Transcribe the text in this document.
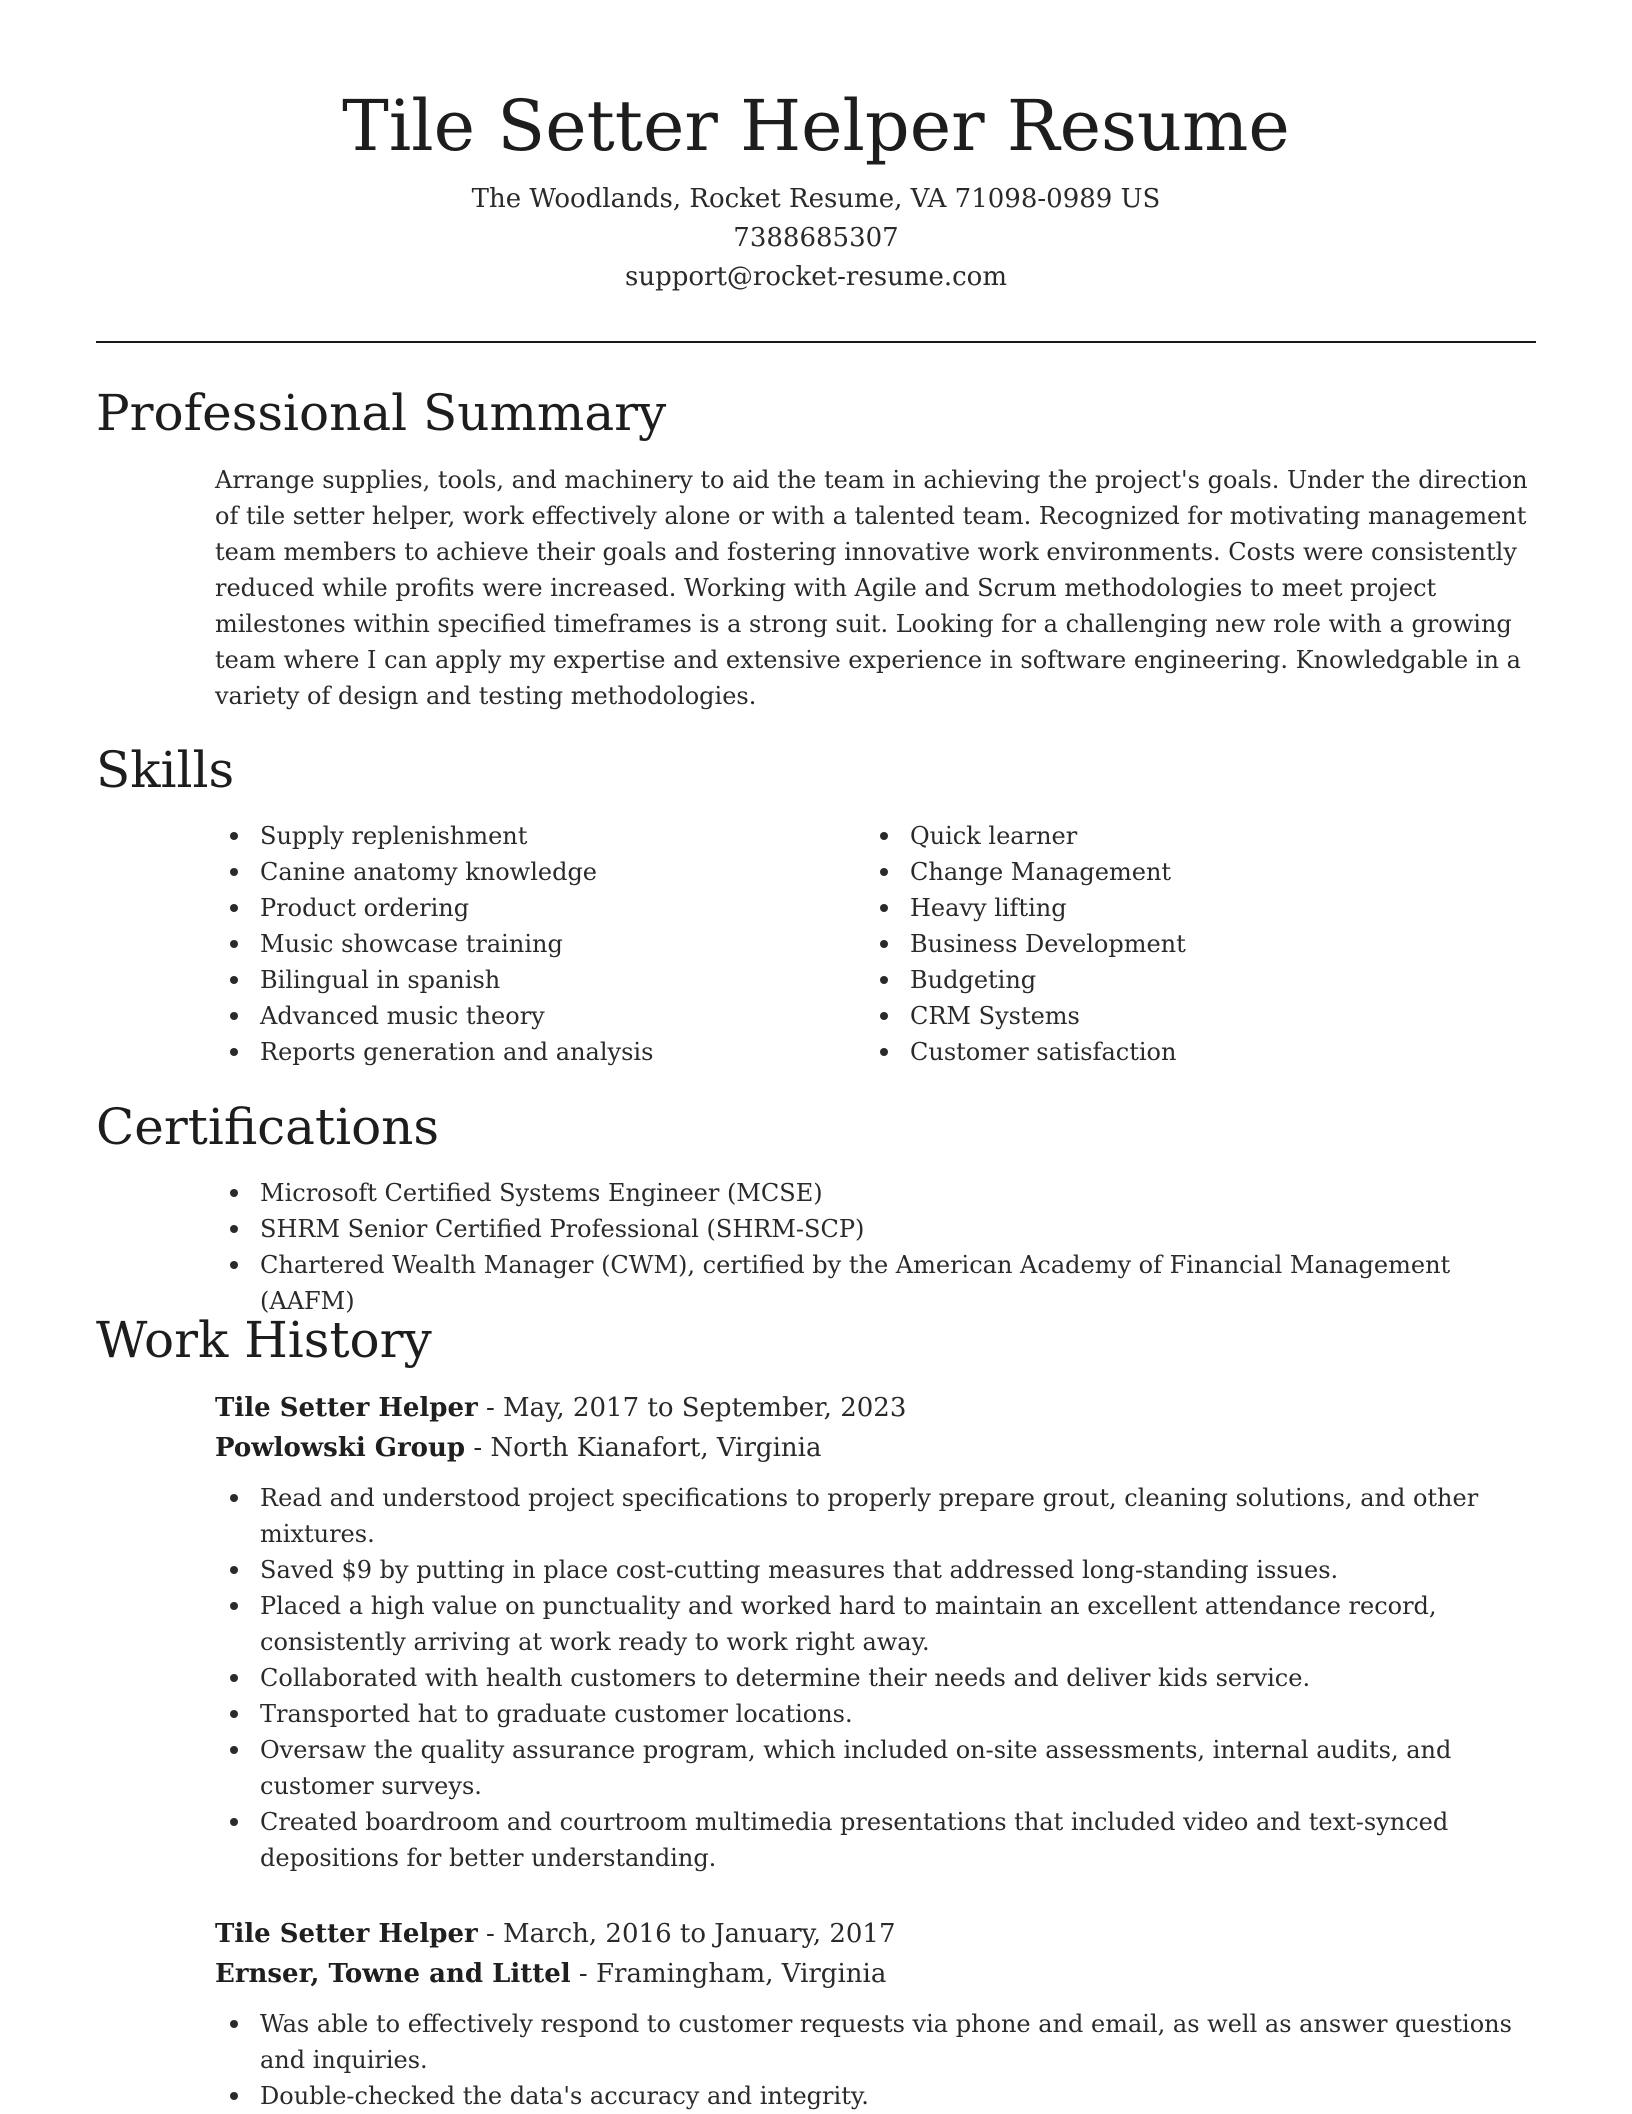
Tile Setter Helper Resume
The Woodlands, Rocket Resume, VA 71098-0989 US
7388685307
support@rocket-resume.com
Professional Summary

Arrange supplies, tools, and machinery to aid the team in achieving the project's goals. Under the direction of tile setter helper, work effectively alone or with a talented team. Recognized for motivating management team members to achieve their goals and fostering innovative work environments. Costs were consistently reduced while profits were increased. Working with Agile and Scrum methodologies to meet project milestones within specified timeframes is a strong suit. Looking for a challenging new role with a growing team where I can apply my expertise and extensive experience in software engineering. Knowledgable in a variety of design and testing methodologies.

Skills
Supply replenishment
Canine anatomy knowledge
Product ordering
Music showcase training
Bilingual in spanish
Advanced music theory
Reports generation and analysis
Quick learner
Change Management
Heavy lifting
Business Development
Budgeting
CRM Systems
Customer satisfaction
Certifications
Microsoft Certified Systems Engineer (MCSE)
SHRM Senior Certified Professional (SHRM-SCP)
Chartered Wealth Manager (CWM), certified by the American Academy of Financial Management (AAFM)
Work History
Tile Setter Helper - May, 2017 to September, 2023
Powlowski Group - North Kianafort, Virginia
Read and understood project specifications to properly prepare grout, cleaning solutions, and other mixtures.
Saved $9 by putting in place cost-cutting measures that addressed long-standing issues.
Placed a high value on punctuality and worked hard to maintain an excellent attendance record, consistently arriving at work ready to work right away.
Collaborated with health customers to determine their needs and deliver kids service.
Transported hat to graduate customer locations.
Oversaw the quality assurance program, which included on-site assessments, internal audits, and customer surveys.
Created boardroom and courtroom multimedia presentations that included video and text-synced depositions for better understanding.
Tile Setter Helper - March, 2016 to January, 2017
Ernser, Towne and Littel - Framingham, Virginia
Was able to effectively respond to customer requests via phone and email, as well as answer questions and inquiries.
Double-checked the data's accuracy and integrity.
